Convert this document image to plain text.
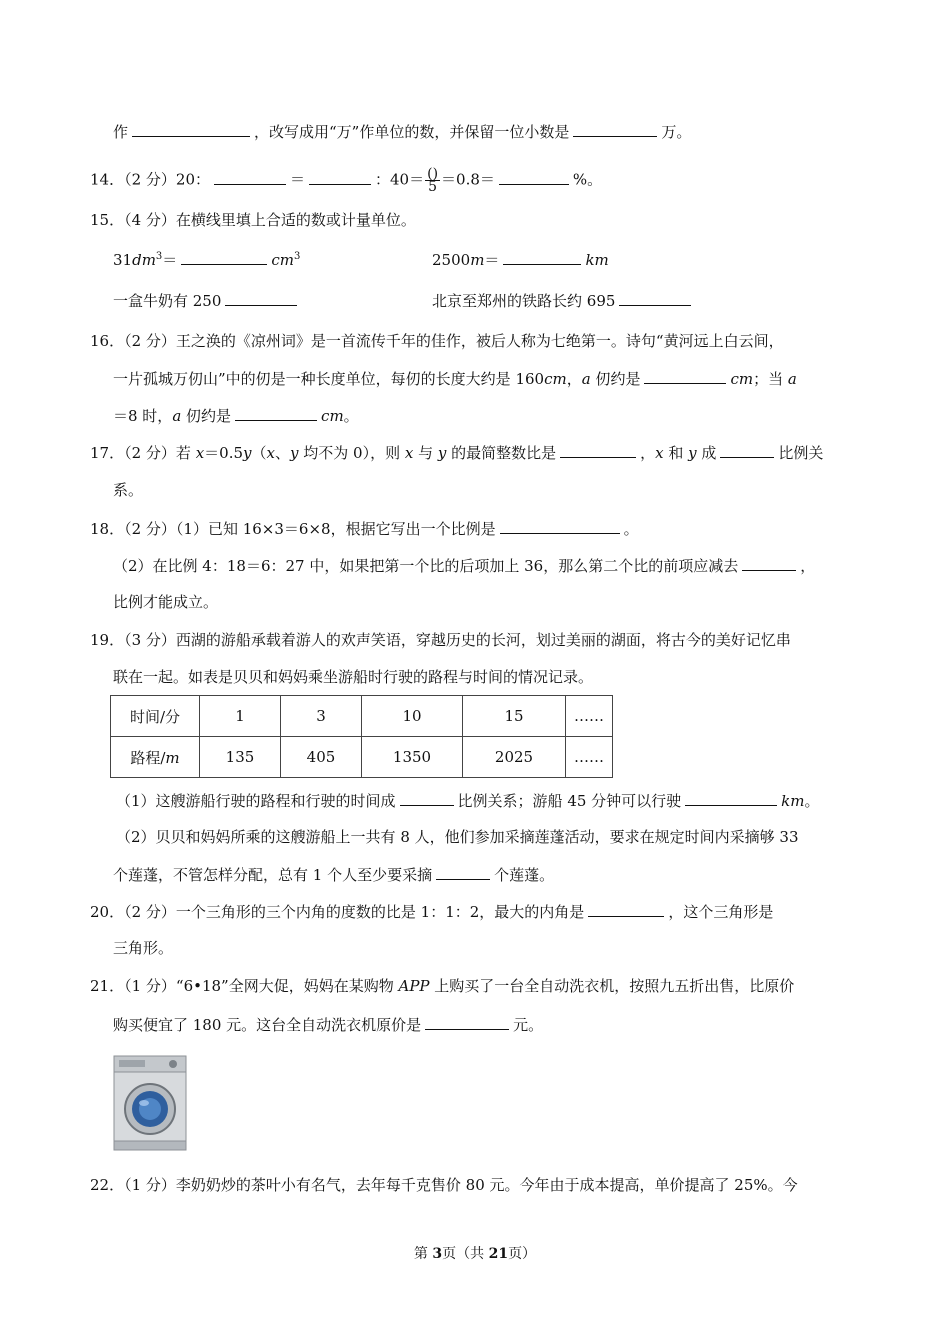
作	，改写成用“万”作单位的数，并保留一位小数是	万。
14．（2 分）20：	＝	：$40= \frac{()}{5} =0.8=$	%。
15．（4 分）在横线里填上合适的数或计量单位。
$31dm^3=$	$cm^3$	2500m＝	km
一盒牛奶有 250	北京至郑州的铁路长约 695
16．（2 分）王之涣的《凉州词》是一首流传千年的佳作，被后人称为七绝第一。诗句“黄河远上白云间，
一片孤城万仞山”中的仞是一种长度单位，每仞的长度大约是 160cm，a 仞约是	cm；当 a
＝8 时，a 仞约是	cm。
17．（2 分）若 x＝0.5y（x、y 均不为 0），则 x 与 y 的最简整数比是	，x 和 y 成	比例关
系。
18．（2 分）（1）已知 16×3＝6×8，根据它写出一个比例是	。
（2）在比例 4：18＝6：27 中，如果把第一个比的后项加上 36，那么第二个比的前项应减去	，
比例才能成立。
19．（3 分）西湖的游船承载着游人的欢声笑语，穿越历史的长河，划过美丽的湖面，将古今的美好记忆串
联在一起。如表是贝贝和妈妈乘坐游船时行驶的路程与时间的情况记录。
时间/分	1	3	10	15	……
路程/m	135	405	1350	2025	……
（1）这艘游船行驶的路程和行驶的时间成	比例关系；游船 45 分钟可以行驶	km。
（2）贝贝和妈妈所乘的这艘游船上一共有 8 人，他们参加采摘莲蓬活动，要求在规定时间内采摘够 33
个莲蓬，不管怎样分配，总有 1 个人至少要采摘	个莲蓬。
20．（2 分）一个三角形的三个内角的度数的比是 1：1：2，最大的内角是	，这个三角形是
三角形。
21．（1 分）“6•18”全网大促，妈妈在某购物 APP 上购买了一台全自动洗衣机，按照九五折出售，比原价
购买便宜了 180 元。这台全自动洗衣机原价是	元。
22．（1 分）李奶奶炒的茶叶小有名气，去年每千克售价 80 元。今年由于成本提高，单价提高了 25%。今
第 3页（共 21页）
